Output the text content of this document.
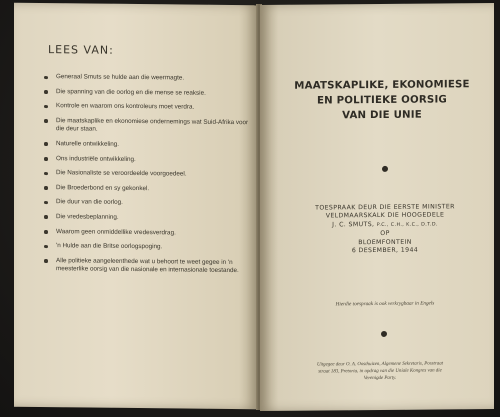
LEES VAN:
Generaal Smuts se hulde aan die weermagte.
Die spanning van die oorlog en die mense se reaksie.
Kontrole en waarom ons kontroleurs moet verdra.
Die maatskaplike en ekonomiese ondernemings wat Suid-Afrika voor die deur staan.
Naturelle ontwikkeling.
Ons industriële ontwikkeling.
Die Nasionaliste se veroordeelde voorgoedeel.
Die Broederbond en sy gekonkel.
Die duur van die oorlog.
Die vredesbeplanning.
Waarom geen onmiddellike vredesverdrag.
'n Hulde aan die Britse oorlogspoging.
Alle politieke aangeleenthede wat u behoort te weet gegee in 'n meesterlike oorsig van die nasionale en internasionale toestande.
MAATSKAPLIKE, EKONOMIESE
EN POLITIEKE OORSIG
VAN DIE UNIE
TOESPRAAK DEUR DIE EERSTE MINISTER
VELDMAARSKALK DIE HOOGEDELE
J. C. SMUTS, P.C., C.H., K.C., D.T.D.
OP
BLOEMFONTEIN
6 DESEMBER, 1944
Hierdie toespraak is ook verkrygbaar in Engels
Uitgegee deur O. A. Oosthuizen, Algemene Sekretaris, Posstraat
straat 183, Pretoria, in opdrag van die Uniale Kongres van die
Verenigde Party.
